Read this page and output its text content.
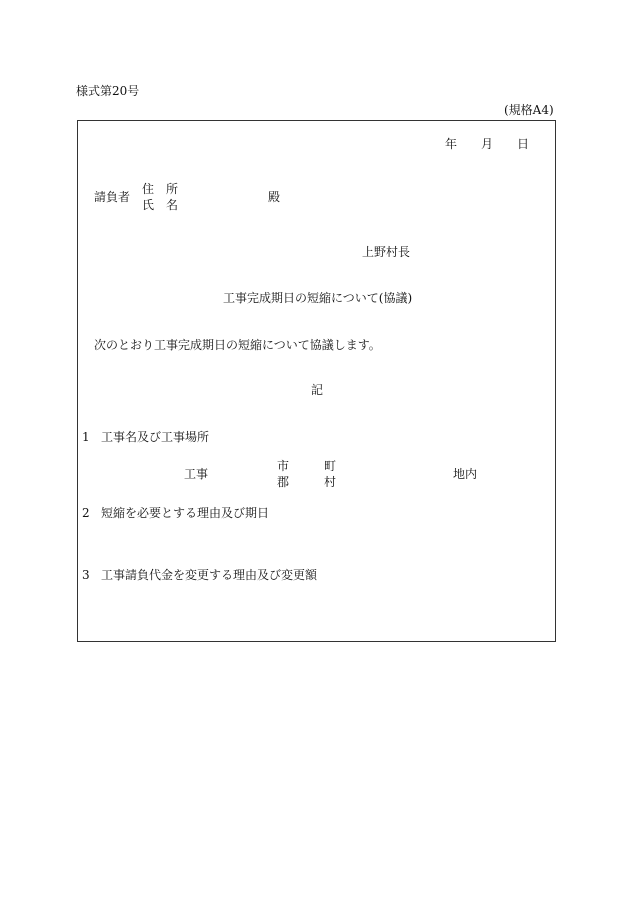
様式第20号
(規格A4)
年 月 日
請負者
住 所
氏 名
殿
上野村長
工事完成期日の短縮について(協議)
次のとおり工事完成期日の短縮について協議します。
記
1 工事名及び工事場所
工事
市
郡
町
村
地内
2 短縮を必要とする理由及び期日
3 工事請負代金を変更する理由及び変更額
